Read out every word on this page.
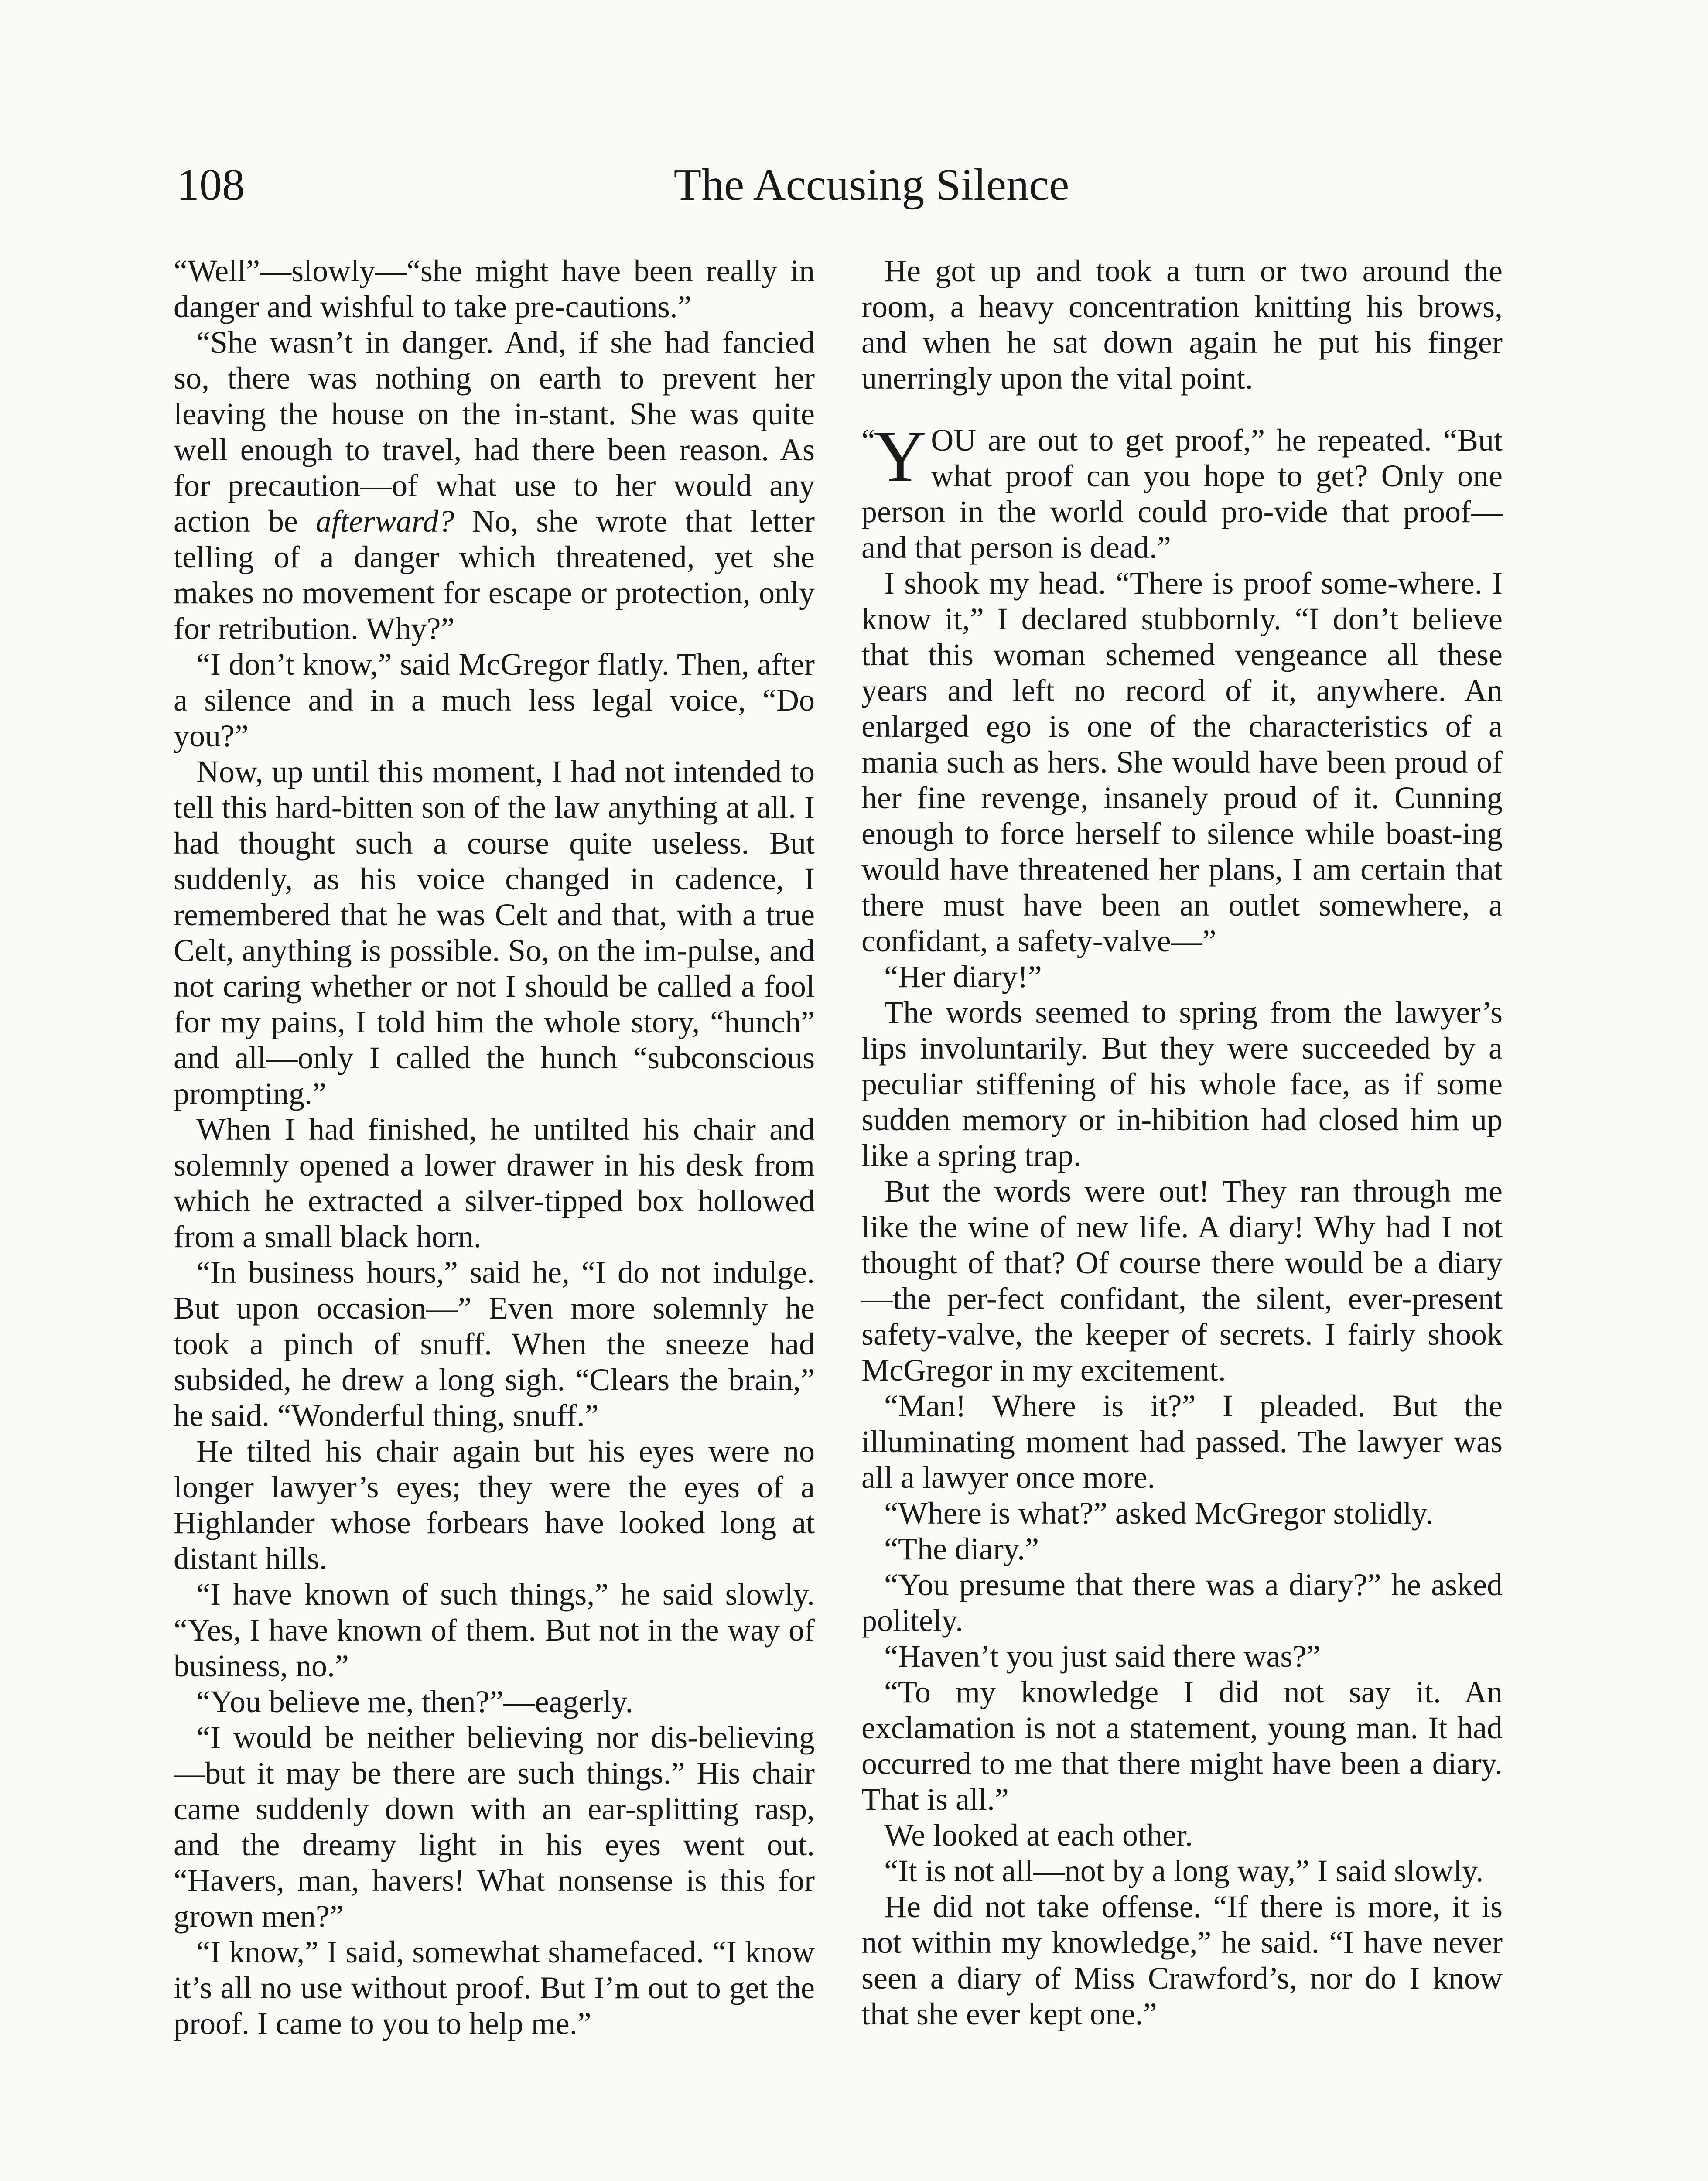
108	The Accusing Silence

“Well”—slowly—“she might have been really in danger and wishful to take pre-cautions.”

“She wasn’t in danger. And, if she had fancied so, there was nothing on earth to prevent her leaving the house on the in-stant. She was quite well enough to travel, had there been reason. As for precaution—of what use to her would any action be afterward? No, she wrote that letter telling of a danger which threatened, yet she makes no movement for escape or protection, only for retribution. Why?”

“I don’t know,” said McGregor flatly. Then, after a silence and in a much less legal voice, “Do you?”

Now, up until this moment, I had not intended to tell this hard-bitten son of the law anything at all. I had thought such a course quite useless. But suddenly, as his voice changed in cadence, I remembered that he was Celt and that, with a true Celt, anything is possible. So, on the im-pulse, and not caring whether or not I should be called a fool for my pains, I told him the whole story, “hunch” and all—only I called the hunch “subconscious prompting.”

When I had finished, he untilted his chair and solemnly opened a lower drawer in his desk from which he extracted a silver-tipped box hollowed from a small black horn.

“In business hours,” said he, “I do not indulge. But upon occasion—” Even more solemnly he took a pinch of snuff. When the sneeze had subsided, he drew a long sigh. “Clears the brain,” he said. “Wonderful thing, snuff.”

He tilted his chair again but his eyes were no longer lawyer’s eyes; they were the eyes of a Highlander whose forbears have looked long at distant hills.

“I have known of such things,” he said slowly. “Yes, I have known of them. But not in the way of business, no.”

“You believe me, then?”—eagerly.

“I would be neither believing nor dis-believing—but it may be there are such things.” His chair came suddenly down with an ear-splitting rasp, and the dreamy light in his eyes went out. “Havers, man, havers! What nonsense is this for grown men?”

“I know,” I said, somewhat shamefaced. “I know it’s all no use without proof. But I’m out to get the proof. I came to you to help me.”

He got up and took a turn or two around the room, a heavy concentration knitting his brows, and when he sat down again he put his finger unerringly upon the vital point.

“
Y OU are out to get proof,” he repeated. “But what proof can you hope to get? Only one person in the world could pro-vide that proof—and that person is dead.”

I shook my head. “There is proof some-where. I know it,” I declared stubbornly. “I don’t believe that this woman schemed vengeance all these years and left no record of it, anywhere. An enlarged ego is one of the characteristics of a mania such as hers. She would have been proud of her fine revenge, insanely proud of it. Cunning enough to force herself to silence while boast-ing would have threatened her plans, I am certain that there must have been an outlet somewhere, a confidant, a safety-valve—”

“Her diary!”

The words seemed to spring from the lawyer’s lips involuntarily. But they were succeeded by a peculiar stiffening of his whole face, as if some sudden memory or in-hibition had closed him up like a spring trap.

But the words were out! They ran through me like the wine of new life. A diary! Why had I not thought of that? Of course there would be a diary—the per-fect confidant, the silent, ever-present safety-valve, the keeper of secrets. I fairly shook McGregor in my excitement.

“Man! Where is it?” I pleaded. But the illuminating moment had passed. The lawyer was all a lawyer once more.

“Where is what?” asked McGregor stolidly.

“The diary.”

“You presume that there was a diary?” he asked politely.

“Haven’t you just said there was?”

“To my knowledge I did not say it. An exclamation is not a statement, young man. It had occurred to me that there might have been a diary. That is all.”

We looked at each other.

“It is not all—not by a long way,” I said slowly.

He did not take offense. “If there is more, it is not within my knowledge,” he said. “I have never seen a diary of Miss Crawford’s, nor do I know that she ever kept one.”
